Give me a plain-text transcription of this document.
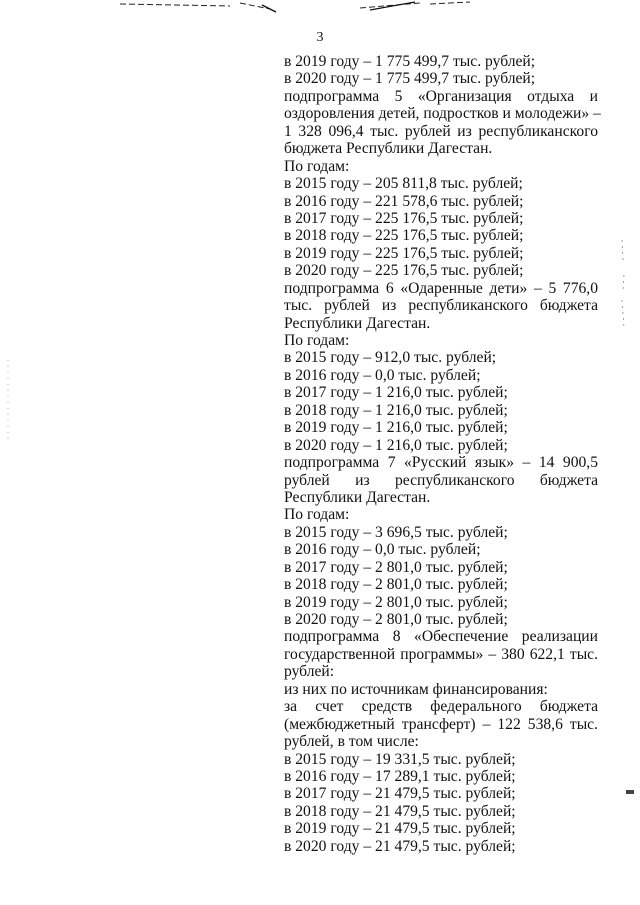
3
в 2019 году – 1 775 499,7 тыс. рублей;
в 2020 году – 1 775 499,7 тыс. рублей;
подпрограмма 5 «Организация отдыха и
оздоровления детей, подростков и молодежи» –
1 328 096,4 тыс. рублей из республиканского
бюджета Республики Дагестан.
По годам:
в 2015 году – 205 811,8 тыс. рублей;
в 2016 году – 221 578,6 тыс. рублей;
в 2017 году – 225 176,5 тыс. рублей;
в 2018 году – 225 176,5 тыс. рублей;
в 2019 году – 225 176,5 тыс. рублей;
в 2020 году – 225 176,5 тыс. рублей;
подпрограмма 6 «Одаренные дети» – 5 776,0
тыс. рублей из республиканского бюджета
Республики Дагестан.
По годам:
в 2015 году – 912,0 тыс. рублей;
в 2016 году – 0,0 тыс. рублей;
в 2017 году – 1 216,0 тыс. рублей;
в 2018 году – 1 216,0 тыс. рублей;
в 2019 году – 1 216,0 тыс. рублей;
в 2020 году – 1 216,0 тыс. рублей;
подпрограмма 7 «Русский язык» – 14 900,5
рублей из республиканского бюджета
Республики Дагестан.
По годам:
в 2015 году – 3 696,5 тыс. рублей;
в 2016 году – 0,0 тыс. рублей;
в 2017 году – 2 801,0 тыс. рублей;
в 2018 году – 2 801,0 тыс. рублей;
в 2019 году – 2 801,0 тыс. рублей;
в 2020 году – 2 801,0 тыс. рублей;
подпрограмма 8 «Обеспечение реализации
государственной программы» – 380 622,1 тыс.
рублей:
из них по источникам финансирования:
за счет средств федерального бюджета
(межбюджетный трансферт) – 122 538,6 тыс.
рублей, в том числе:
в 2015 году – 19 331,5 тыс. рублей;
в 2016 году – 17 289,1 тыс. рублей;
в 2017 году – 21 479,5 тыс. рублей;
в 2018 году – 21 479,5 тыс. рублей;
в 2019 году – 21 479,5 тыс. рублей;
в 2020 году – 21 479,5 тыс. рублей;
